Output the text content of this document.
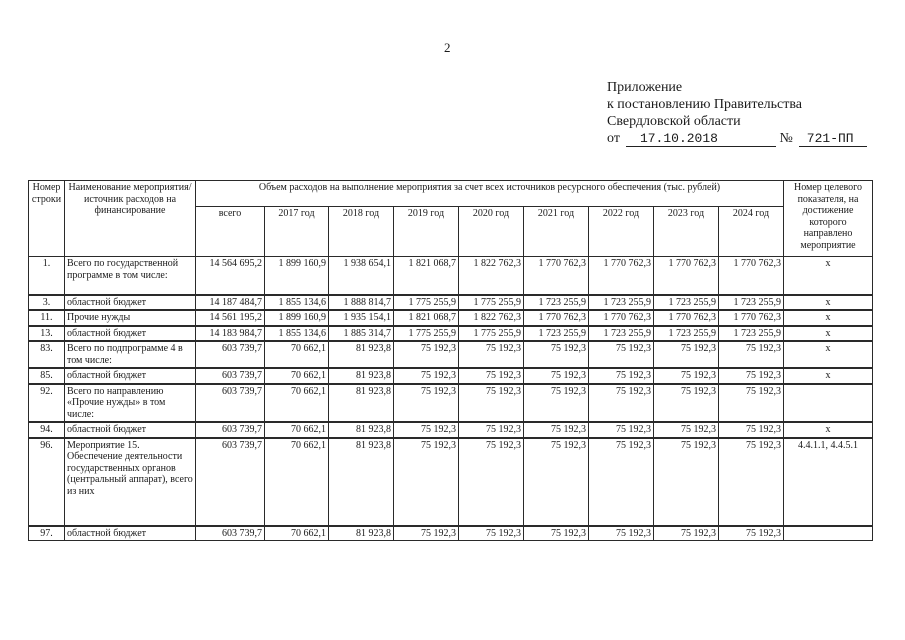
2
Приложение
к постановлению Правительства
Свердловской области
от 17.10.2018	№ 721-ПП
Номер строки	Наименование мероприятия/источник расходов на финансирование	Объем расходов на выполнение мероприятия за счет всех источников ресурсного обеспечения (тыс. рублей)									Номер целевого показателя, на достижение которого направлено мероприятие
		всего	2017 год	2018 год	2019 год	2020 год	2021 год	2022 год	2023 год	2024 год	
1.	Всего по государственной программе в том числе:	14 564 695,2	1 899 160,9	1 938 654,1	1 821 068,7	1 822 762,3	1 770 762,3	1 770 762,3	1 770 762,3	1 770 762,3	х
3.	областной бюджет	14 187 484,7	1 855 134,6	1 888 814,7	1 775 255,9	1 775 255,9	1 723 255,9	1 723 255,9	1 723 255,9	1 723 255,9	х
11.	Прочие нужды	14 561 195,2	1 899 160,9	1 935 154,1	1 821 068,7	1 822 762,3	1 770 762,3	1 770 762,3	1 770 762,3	1 770 762,3	х
13.	областной бюджет	14 183 984,7	1 855 134,6	1 885 314,7	1 775 255,9	1 775 255,9	1 723 255,9	1 723 255,9	1 723 255,9	1 723 255,9	х
83.	Всего по подпрограмме 4 в том числе:	603 739,7	70 662,1	81 923,8	75 192,3	75 192,3	75 192,3	75 192,3	75 192,3	75 192,3	х
85.	областной бюджет	603 739,7	70 662,1	81 923,8	75 192,3	75 192,3	75 192,3	75 192,3	75 192,3	75 192,3	х
92.	Всего по направлению «Прочие нужды» в том числе:	603 739,7	70 662,1	81 923,8	75 192,3	75 192,3	75 192,3	75 192,3	75 192,3	75 192,3	
94.	областной бюджет	603 739,7	70 662,1	81 923,8	75 192,3	75 192,3	75 192,3	75 192,3	75 192,3	75 192,3	х
96.	Мероприятие 15. Обеспечение деятельности государственных органов (центральный аппарат), всего из них	603 739,7	70 662,1	81 923,8	75 192,3	75 192,3	75 192,3	75 192,3	75 192,3	75 192,3	4.4.1.1, 4.4.5.1
97.	областной бюджет	603 739,7	70 662,1	81 923,8	75 192,3	75 192,3	75 192,3	75 192,3	75 192,3	75 192,3	
